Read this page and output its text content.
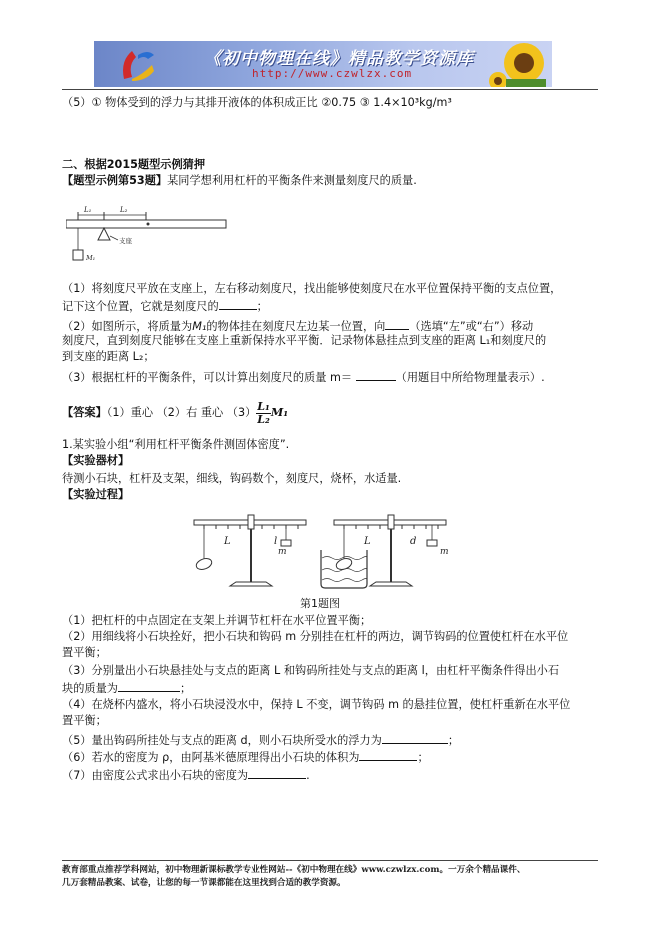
《初中物理在线》精品教学资源库
http://www.czwlzx.com
（5）① 物体受到的浮力与其排开液体的体积成正比 ②0.75 ③ 1.4×10³kg/m³
二、根据2015题型示例猜押
【题型示例第53题】某同学想利用杠杆的平衡条件来测量刻度尺的质量.
L₁	L₂
支座
M₁
（1）将刻度尺平放在支座上，左右移动刻度尺，找出能够使刻度尺在水平位置保持平衡的支点位置，
记下这个位置，它就是刻度尺的	；
（2）如图所示，将质量为M₁的物体挂在刻度尺左边某一位置，向 （选填“左”或“右”）移动
刻度尺，直到刻度尺能够在支座上重新保持水平平衡．记录物体悬挂点到支座的距离 L₁和刻度尺的
到支座的距离 L₂；
（3）根据杠杆的平衡条件，可以计算出刻度尺的质量 m＝	（用题目中所给物理量表示）.
【答案】（1）重心 （2）右 重心 $(3) \frac{\text{L₁}}{\text{L₂}} M_1$
1.某实验小组“利用杠杆平衡条件测固体密度”.
【实验器材】
待测小石块，杠杆及支架，细线，钩码数个，刻度尺，烧杯，水适量.
【实验过程】
L	l
m
L	d
m
第1题图
（1）把杠杆的中点固定在支架上并调节杠杆在水平位置平衡；
（2）用细线将小石块拴好，把小石块和钩码 m 分别挂在杠杆的两边，调节钩码的位置使杠杆在水平位
置平衡；
（3）分别量出小石块悬挂处与支点的距离 L 和钩码所挂处与支点的距离 l，由杠杆平衡条件得出小石
块的质量为	；
（4）在烧杯内盛水，将小石块浸没水中，保持 L 不变，调节钩码 m 的悬挂位置，使杠杆重新在水平位
置平衡；
（5）量出钩码所挂处与支点的距离 d，则小石块所受水的浮力为	；
（6）若水的密度为 ρ，由阿基米德原理得出小石块的体积为	；
（7）由密度公式求出小石块的密度为	.
教育部重点推荐学科网站，初中物理新课标教学专业性网站--《初中物理在线》www.czwlzx.com。一万余个精品课件、
几万套精品教案、试卷，让您的每一节课都能在这里找到合适的教学资源。
